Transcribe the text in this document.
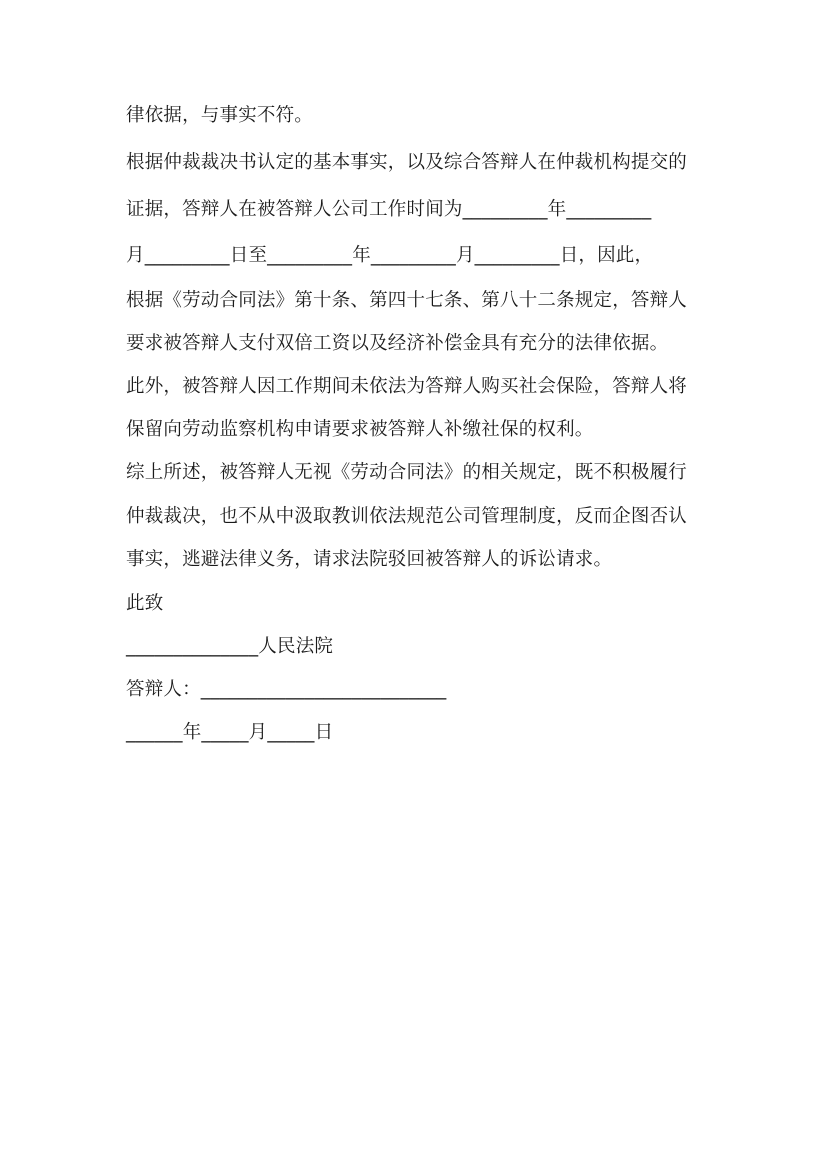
律依据，与事实不符。
根据仲裁裁决书认定的基本事实，以及综合答辩人在仲裁机构提交的
证据，答辩人在被答辩人公司工作时间为_________年_________
月_________日至_________年_________月_________日，因此，
根据《劳动合同法》第十条、第四十七条、第八十二条规定，答辩人
要求被答辩人支付双倍工资以及经济补偿金具有充分的法律依据。
此外，被答辩人因工作期间未依法为答辩人购买社会保险，答辩人将
保留向劳动监察机构申请要求被答辩人补缴社保的权利。
综上所述，被答辩人无视《劳动合同法》的相关规定，既不积极履行
仲裁裁决，也不从中汲取教训依法规范公司管理制度，反而企图否认
事实，逃避法律义务，请求法院驳回被答辩人的诉讼请求。
此致
______________人民法院
答辩人：__________________________
______年_____月_____日
